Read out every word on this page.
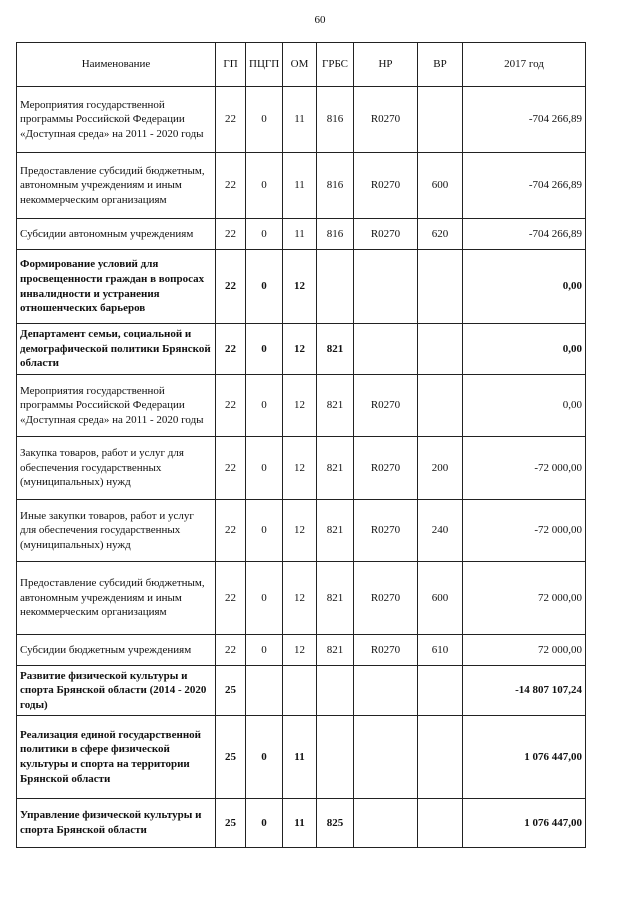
60
Наименование	ГП	ПЦГП	ОМ	ГРБС	НР	ВР	2017 год
Мероприятия государственной программы Российской Федерации «Доступная среда» на 2011 - 2020 годы	22	0	11	816	R0270		-704 266,89
Предоставление субсидий бюджетным, автономным учреждениям и иным некоммерческим организациям	22	0	11	816	R0270	600	-704 266,89
Субсидии автономным учреждениям	22	0	11	816	R0270	620	-704 266,89
Формирование условий для просвещенности граждан в вопросах инвалидности и устранения отношенческих барьеров	22	0	12				0,00
Департамент семьи, социальной и демографической политики Брянской области	22	0	12	821			0,00
Мероприятия государственной программы Российской Федерации «Доступная среда» на 2011 - 2020 годы	22	0	12	821	R0270		0,00
Закупка товаров, работ и услуг для обеспечения государственных (муниципальных) нужд	22	0	12	821	R0270	200	-72 000,00
Иные закупки товаров, работ и услуг для обеспечения государственных (муниципальных) нужд	22	0	12	821	R0270	240	-72 000,00
Предоставление субсидий бюджетным, автономным учреждениям и иным некоммерческим организациям	22	0	12	821	R0270	600	72 000,00
Субсидии бюджетным учреждениям	22	0	12	821	R0270	610	72 000,00
Развитие физической культуры и спорта Брянской области (2014 - 2020 годы)	25						-14 807 107,24
Реализация единой государственной политики в сфере физической культуры и спорта на территории Брянской области	25	0	11				1 076 447,00
Управление физической культуры и спорта Брянской области	25	0	11	825			1 076 447,00
